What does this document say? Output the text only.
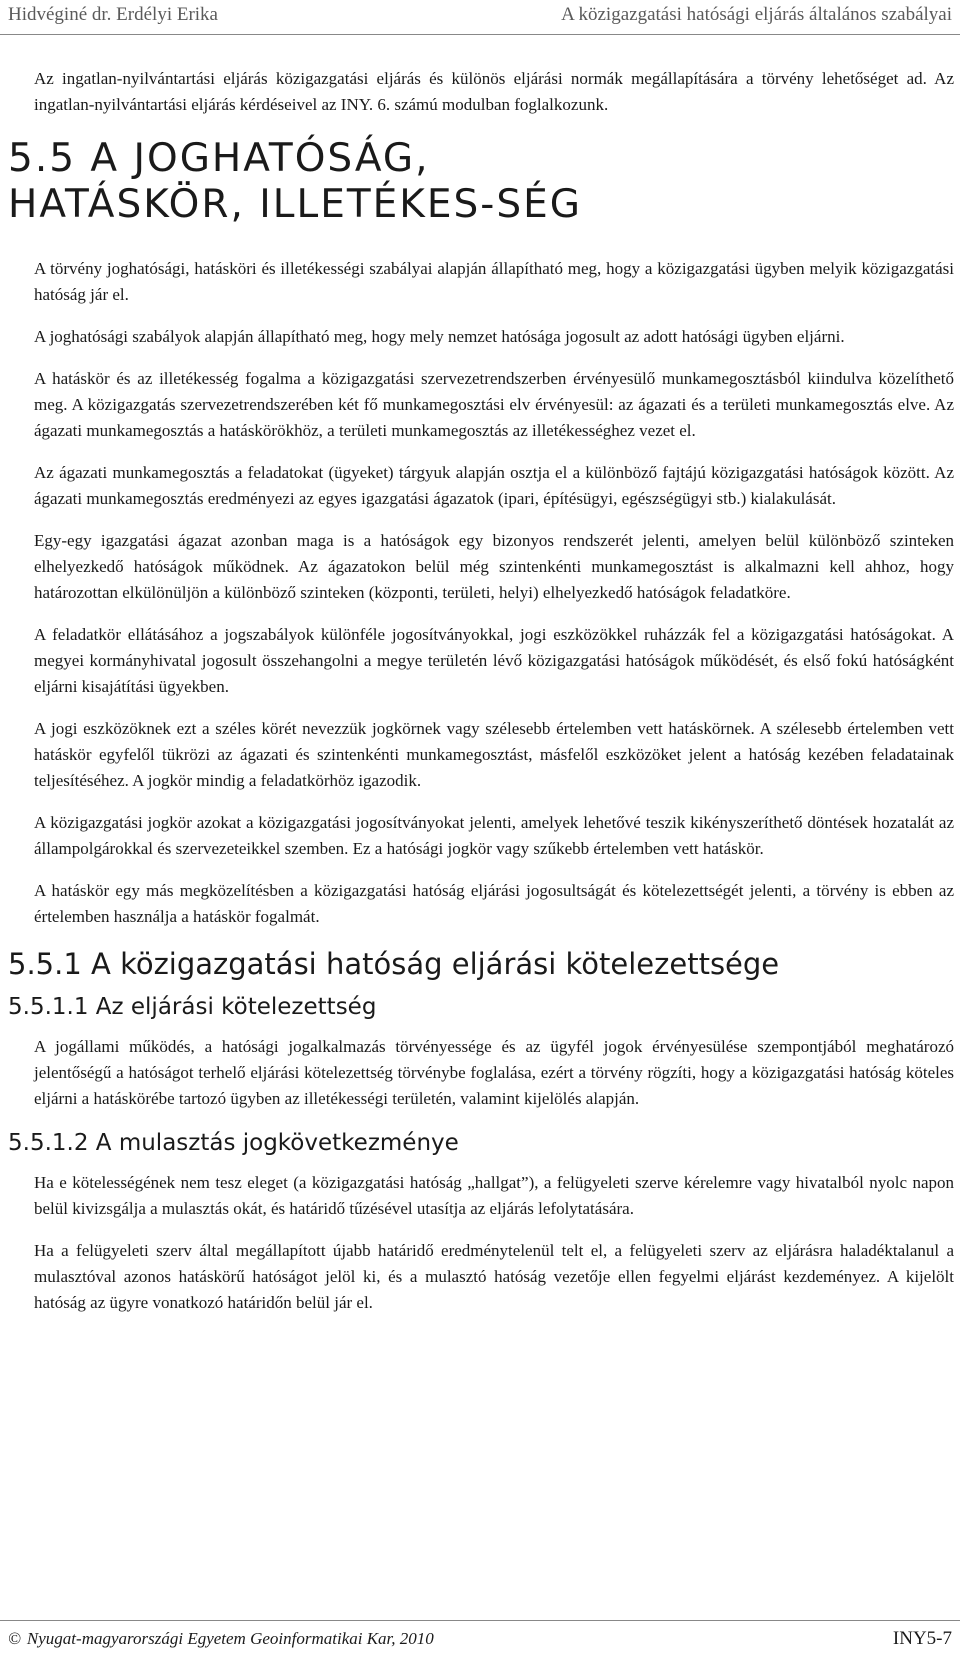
Hidvéginé dr. Erdélyi Erika	A közigazgatási hatósági eljárás általános szabályai

Az ingatlan-nyilvántartási eljárás közigazgatási eljárás és különös eljárási normák megállapítására a törvény lehetőséget ad. Az ingatlan-nyilvántartási eljárás kérdéseivel az INY. 6. számú modulban foglalkozunk.

5.5 A JOGHATÓSÁG, HATÁSKÖR, ILLETÉKES-SÉG

A törvény joghatósági, hatásköri és illetékességi szabályai alapján állapítható meg, hogy a közigazgatási ügyben melyik közigazgatási hatóság jár el.

A joghatósági szabályok alapján állapítható meg, hogy mely nemzet hatósága jogosult az adott hatósági ügyben eljárni.

A hatáskör és az illetékesség fogalma a közigazgatási szervezetrendszerben érvényesülő munkamegosztásból kiindulva közelíthető meg. A közigazgatás szervezetrendszerében két fő munkamegosztási elv érvényesül: az ágazati és a területi munkamegosztás elve. Az ágazati munkamegosztás a hatáskörökhöz, a területi munkamegosztás az illetékességhez vezet el.

Az ágazati munkamegosztás a feladatokat (ügyeket) tárgyuk alapján osztja el a különböző fajtájú közigazgatási hatóságok között. Az ágazati munkamegosztás eredményezi az egyes igazgatási ágazatok (ipari, építésügyi, egészségügyi stb.) kialakulását.

Egy-egy igazgatási ágazat azonban maga is a hatóságok egy bizonyos rendszerét jelenti, amelyen belül különböző szinteken elhelyezkedő hatóságok működnek. Az ágazatokon belül még szintenkénti munkamegosztást is alkalmazni kell ahhoz, hogy határozottan elkülönüljön a különböző szinteken (központi, területi, helyi) elhelyezkedő hatóságok feladatköre.

A feladatkör ellátásához a jogszabályok különféle jogosítványokkal, jogi eszközökkel ruházzák fel a közigazgatási hatóságokat. A megyei kormányhivatal jogosult összehangolni a megye területén lévő közigazgatási hatóságok működését, és első fokú hatóságként eljárni kisajátítási ügyekben.

A jogi eszközöknek ezt a széles körét nevezzük jogkörnek vagy szélesebb értelemben vett hatáskörnek. A szélesebb értelemben vett hatáskör egyfelől tükrözi az ágazati és szintenkénti munkamegosztást, másfelől eszközöket jelent a hatóság kezében feladatainak teljesítéséhez. A jogkör mindig a feladatkörhöz igazodik.

A közigazgatási jogkör azokat a közigazgatási jogosítványokat jelenti, amelyek lehetővé teszik kikényszeríthető döntések hozatalát az állampolgárokkal és szervezeteikkel szemben. Ez a hatósági jogkör vagy szűkebb értelemben vett hatáskör.

A hatáskör egy más megközelítésben a közigazgatási hatóság eljárási jogosultságát és kötelezettségét jelenti, a törvény is ebben az értelemben használja a hatáskör fogalmát.

5.5.1 A közigazgatási hatóság eljárási kötelezettsége
5.5.1.1 Az eljárási kötelezettség

A jogállami működés, a hatósági jogalkalmazás törvényessége és az ügyfél jogok érvényesülése szempontjából meghatározó jelentőségű a hatóságot terhelő eljárási kötelezettség törvénybe foglalása, ezért a törvény rögzíti, hogy a közigazgatási hatóság köteles eljárni a hatáskörébe tartozó ügyben az illetékességi területén, valamint kijelölés alapján.

5.5.1.2 A mulasztás jogkövetkezménye

Ha e kötelességének nem tesz eleget (a közigazgatási hatóság „hallgat”), a felügyeleti szerve kérelemre vagy hivatalból nyolc napon belül kivizsgálja a mulasztás okát, és határidő tűzésével utasítja az eljárás lefolytatására.

Ha a felügyeleti szerv által megállapított újabb határidő eredménytelenül telt el, a felügyeleti szerv az eljárásra haladéktalanul a mulasztóval azonos hatáskörű hatóságot jelöl ki, és a mulasztó hatóság vezetője ellen fegyelmi eljárást kezdeményez. A kijelölt hatóság az ügyre vonatkozó határidőn belül jár el.

© Nyugat-magyarországi Egyetem Geoinformatikai Kar, 2010	INY5-7
